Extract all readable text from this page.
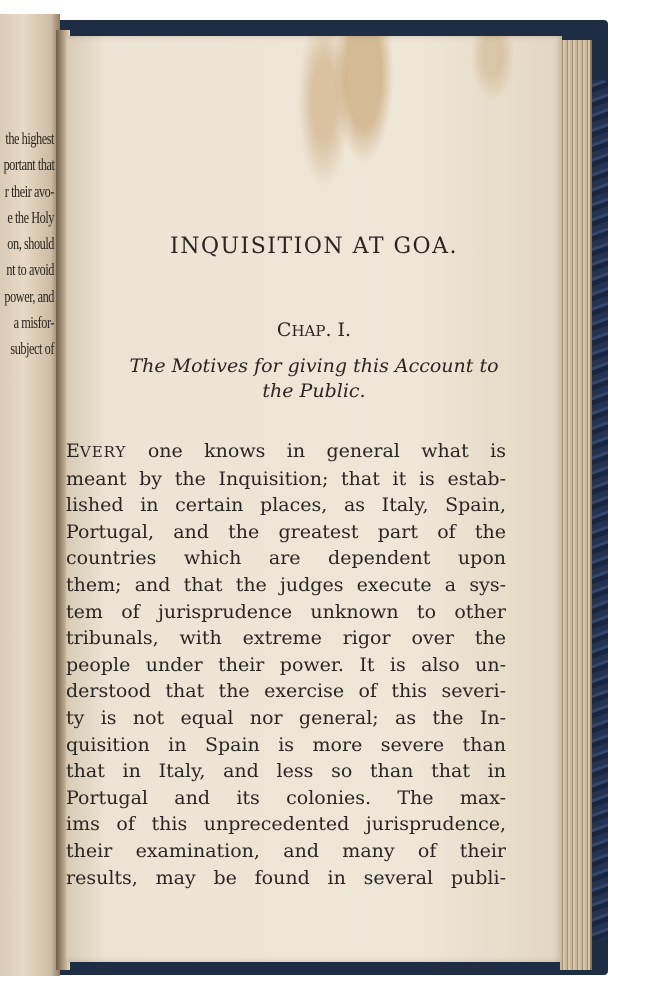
the highest
portant that
r their avo-
e the Holy
on, should
nt to avoid
power, and
a misfor-
subject of
INQUISITION AT GOA.
CHAP. I.
The Motives for giving this Account to
the Public.
EVERY one knows in general what is
meant by the Inquisition; that it is estab-
lished in certain places, as Italy, Spain,
Portugal, and the greatest part of the
countries which are dependent upon
them; and that the judges execute a sys-
tem of jurisprudence unknown to other
tribunals, with extreme rigor over the
people under their power. It is also un-
derstood that the exercise of this severi-
ty is not equal nor general; as the In-
quisition in Spain is more severe than
that in Italy, and less so than that in
Portugal and its colonies. The max-
ims of this unprecedented jurisprudence,
their examination, and many of their
results, may be found in several publi-
